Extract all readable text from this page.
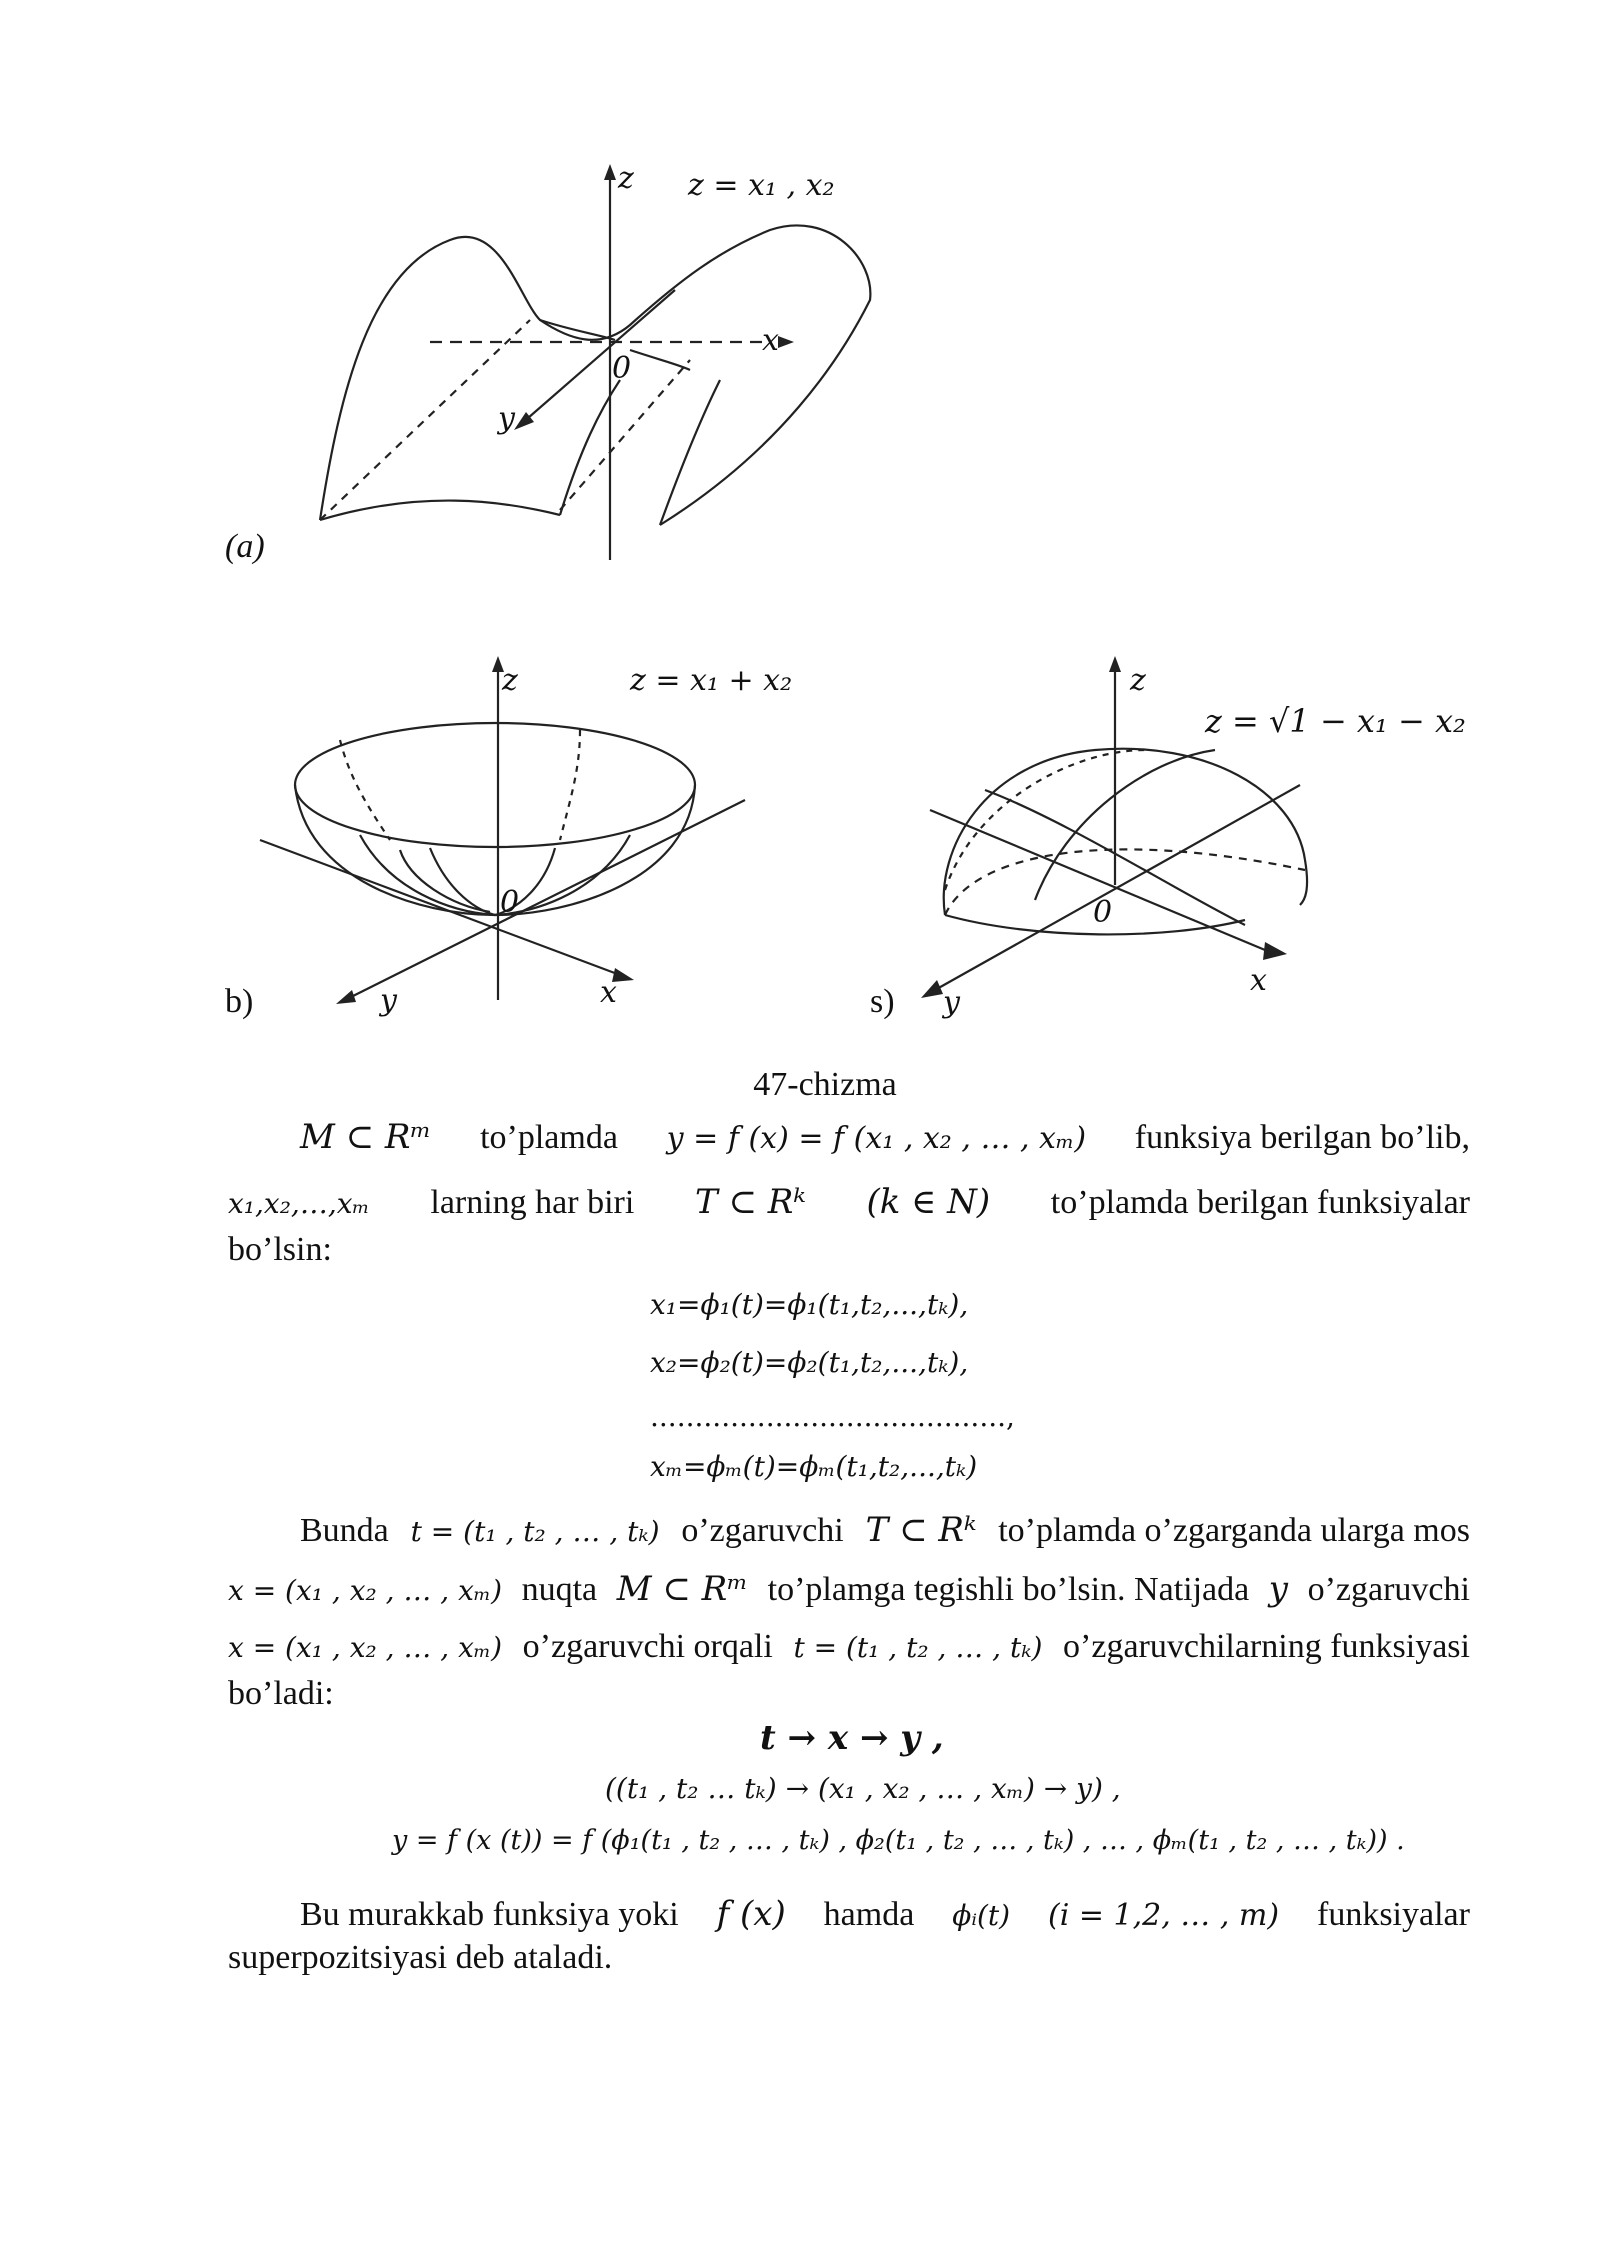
z
x
y
0
z = x₁ , x₂
(a)
z
x
y
0
z = x₁ + x₂
b)
z
x
y
0
z = √1 − x₁ − x₂
s)
47-chizma
M ⊂ Rᵐ to’plamda y = f (x) = f (x₁ , x₂ , … , xₘ) funksiya berilgan bo’lib,
x₁,x₂,…,xₘ larning har biri T ⊂ Rᵏ (k ∈ N) to’plamda berilgan funksiyalar
bo’lsin:
x₁=ϕ₁(t)=ϕ₁(t₁,t₂,...,tₖ),
x₂=ϕ₂(t)=ϕ₂(t₁,t₂,...,tₖ),
........................................,
xₘ=ϕₘ(t)=ϕₘ(t₁,t₂,...,tₖ)
Bunda t = (t₁ , t₂ , … , tₖ) o’zgaruvchi T ⊂ Rᵏ to’plamda o’zgarganda ularga mos
x = (x₁ , x₂ , … , xₘ) nuqta M ⊂ Rᵐ to’plamga tegishli bo’lsin. Natijada y o’zgaruvchi
x = (x₁ , x₂ , … , xₘ) o’zgaruvchi orqali t = (t₁ , t₂ , … , tₖ) o’zgaruvchilarning funksiyasi
bo’ladi:
t → x → y ,
((t₁ , t₂ … tₖ) → (x₁ , x₂ , … , xₘ) → y) ,
y = f (x (t)) = f (ϕ₁(t₁ , t₂ , … , tₖ) , ϕ₂(t₁ , t₂ , … , tₖ) , … , ϕₘ(t₁ , t₂ , … , tₖ)) .
Bu murakkab funksiya yoki f (x) hamda ϕᵢ(t) (i = 1,2, … , m) funksiyalar
superpozitsiyasi deb ataladi.
